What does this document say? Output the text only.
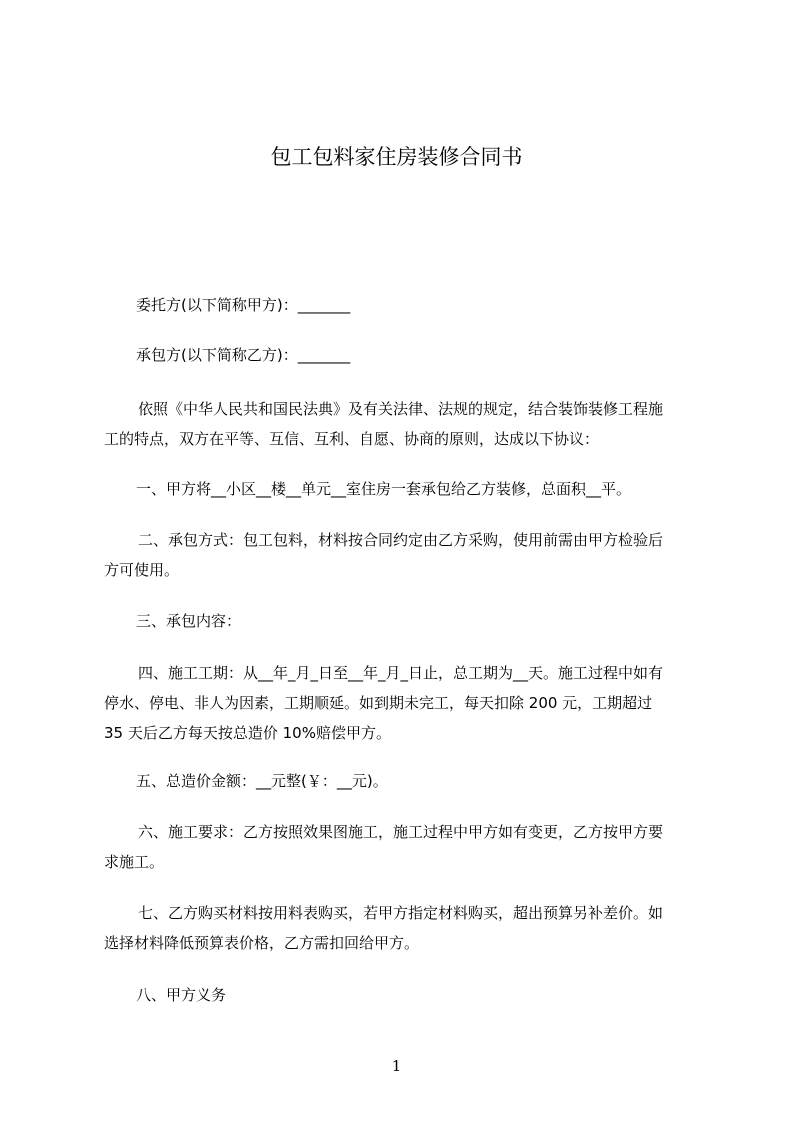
包工包料家住房装修合同书
委托方(以下简称甲方)：_______
承包方(以下简称乙方)：_______
依照《中华人民共和国民法典》及有关法律、法规的规定，结合装饰装修工程施
工的特点，双方在平等、互信、互利、自愿、协商的原则，达成以下协议：
一、甲方将__小区__楼__单元__室住房一套承包给乙方装修，总面积__平。
二、承包方式：包工包料，材料按合同约定由乙方采购，使用前需由甲方检验后
方可使用。
三、承包内容：
四、施工工期：从__年_月_日至__年_月_日止，总工期为__天。施工过程中如有
停水、停电、非人为因素，工期顺延。如到期未完工，每天扣除 200 元，工期超过
35 天后乙方每天按总造价 10%赔偿甲方。
五、总造价金额：__元整(￥：__元)。
六、施工要求：乙方按照效果图施工，施工过程中甲方如有变更，乙方按甲方要
求施工。
七、乙方购买材料按用料表购买，若甲方指定材料购买，超出预算另补差价。如
选择材料降低预算表价格，乙方需扣回给甲方。
八、甲方义务
1
